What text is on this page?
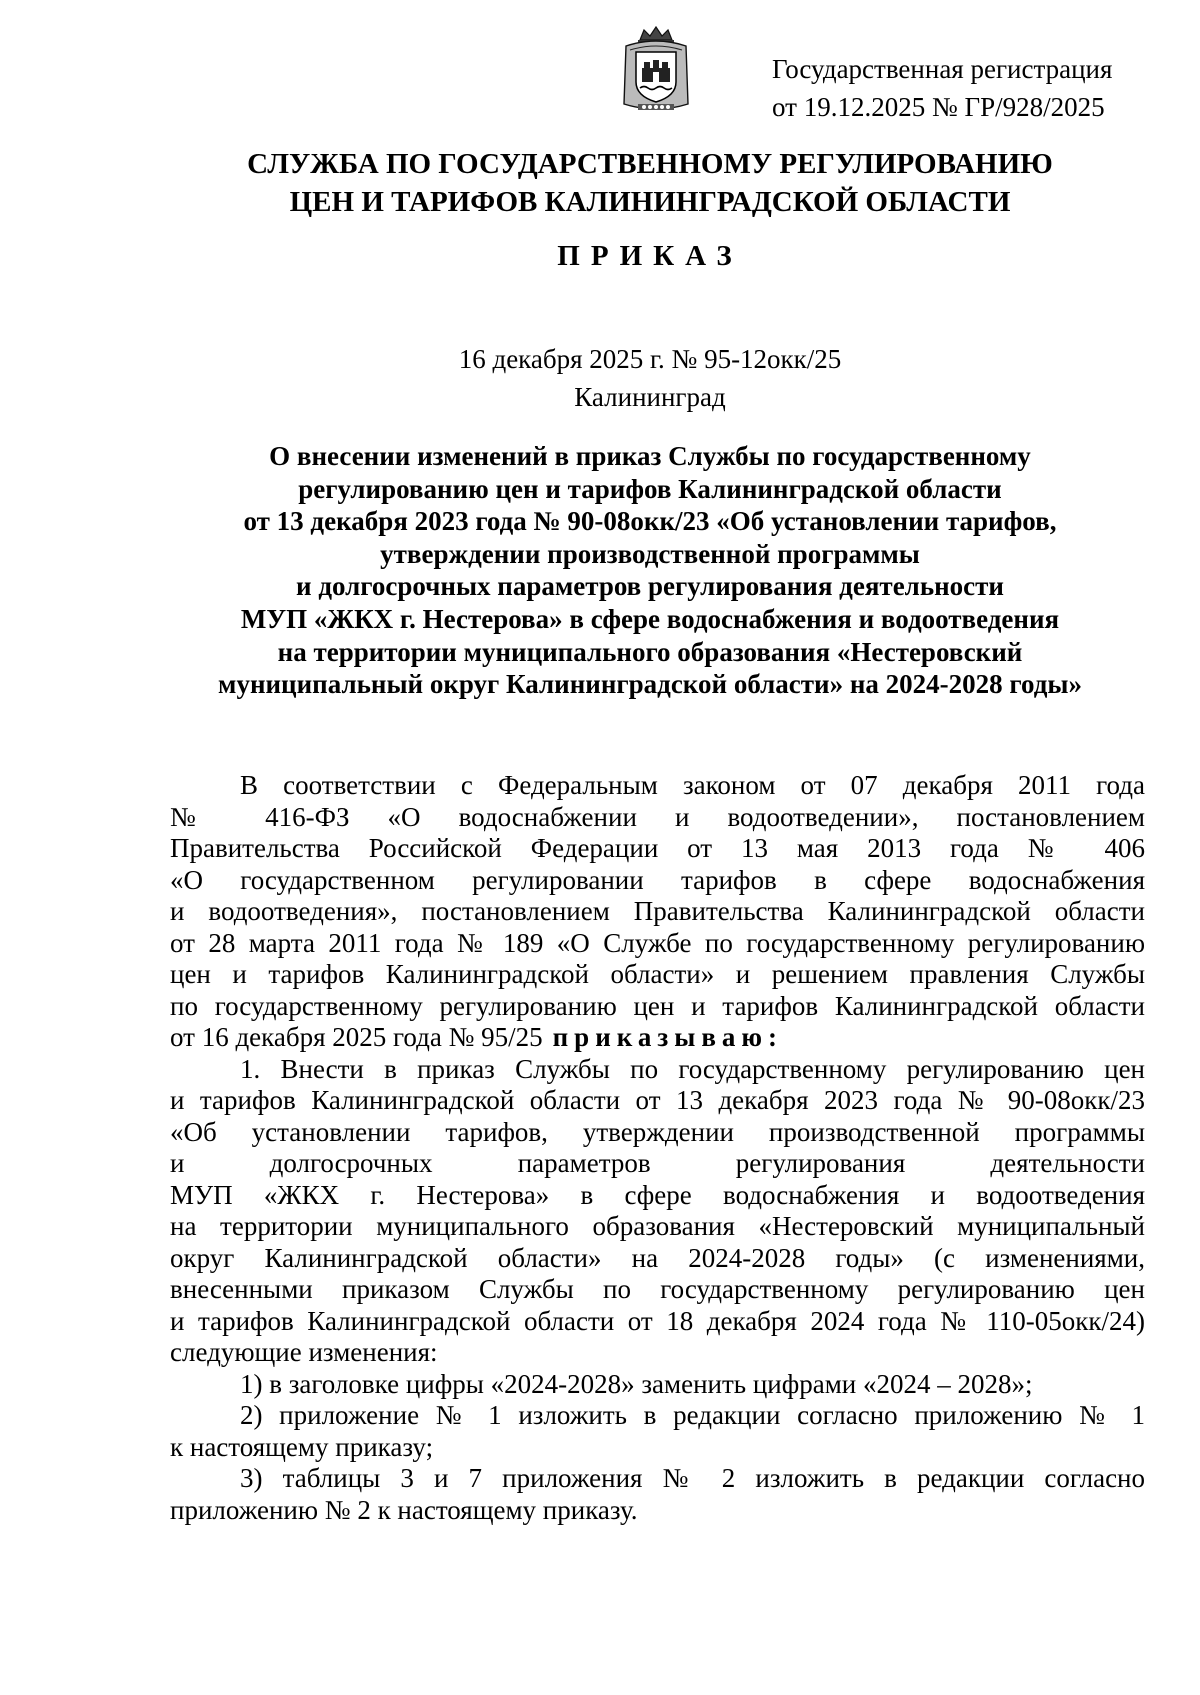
Государственная регистрация
от 19.12.2025 № ГР/928/2025
СЛУЖБА ПО ГОСУДАРСТВЕННОМУ РЕГУЛИРОВАНИЮ
ЦЕН И ТАРИФОВ КАЛИНИНГРАДСКОЙ ОБЛАСТИ
ПРИКАЗ
16 декабря 2025 г. № 95-12окк/25
Калининград
О внесении изменений в приказ Службы по государственному
регулированию цен и тарифов Калининградской области
от 13 декабря 2023 года № 90-08окк/23 «Об установлении тарифов,
утверждении производственной программы
и долгосрочных параметров регулирования деятельности
МУП «ЖКХ г. Нестерова» в сфере водоснабжения и водоотведения
на территории муниципального образования «Нестеровский
муниципальный округ Калининградской области» на 2024-2028 годы»
В соответствии с Федеральным законом от 07 декабря 2011 года
№ 416-ФЗ «О водоснабжении и водоотведении», постановлением
Правительства Российской Федерации от 13 мая 2013 года № 406
«О государственном регулировании тарифов в сфере водоснабжения
и водоотведения», постановлением Правительства Калининградской области
от 28 марта 2011 года № 189 «О Службе по государственному регулированию
цен и тарифов Калининградской области» и решением правления Службы
по государственному регулированию цен и тарифов Калининградской области
от 16 декабря 2025 года № 95/25 приказываю:
1. Внести в приказ Службы по государственному регулированию цен
и тарифов Калининградской области от 13 декабря 2023 года № 90-08окк/23
«Об установлении тарифов, утверждении производственной программы
и долгосрочных параметров регулирования деятельности
МУП «ЖКХ г. Нестерова» в сфере водоснабжения и водоотведения
на территории муниципального образования «Нестеровский муниципальный
округ Калининградской области» на 2024-2028 годы» (с изменениями,
внесенными приказом Службы по государственному регулированию цен
и тарифов Калининградской области от 18 декабря 2024 года № 110-05окк/24)
следующие изменения:
1) в заголовке цифры «2024-2028» заменить цифрами «2024 – 2028»;
2) приложение № 1 изложить в редакции согласно приложению № 1
к настоящему приказу;
3) таблицы 3 и 7 приложения № 2 изложить в редакции согласно
приложению № 2 к настоящему приказу.
